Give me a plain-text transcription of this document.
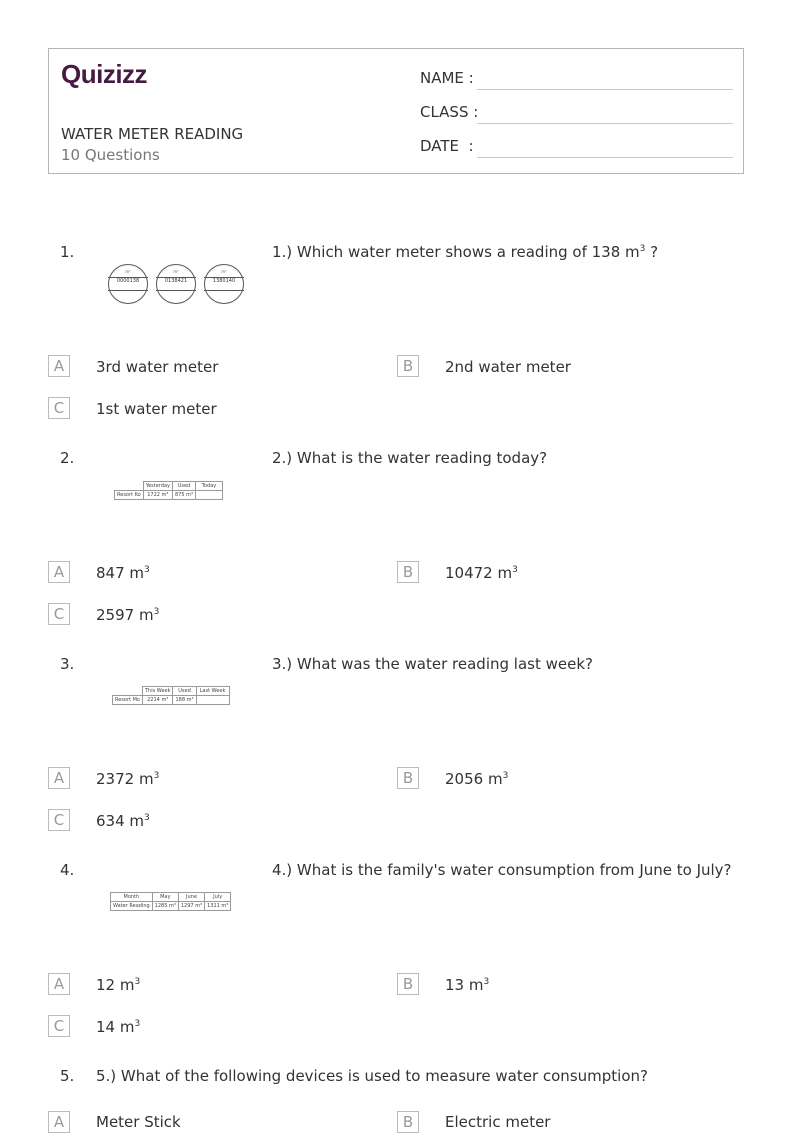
Quizizz
WATER METER READING
10 Questions
NAME :
CLASS :
DATE  :
1.
m³
0000138
m³
0138421
m³
1380140
1.) Which water meter shows a reading of 138 $m^3$ ?
A	3rd water meter	B	2nd water meter
C	1st water meter
2.
	Yesterday	Used	Today
Resort Ko	1722 m³	875 m³	
2.) What is the water reading today?
A	847 $m^3$	B	10472 $m^3$
C	2597 $m^3$
3.
	This Week	Used	Last Week
Resort Mo	2214 m³	188 m³	
3.) What was the water reading last week?
A	2372 $m^3$	B	2056 $m^3$
C	634 $m^3$
4.
Month	May	June	July
Water Reading	1285 m³	1297 m³	1311 m³
4.) What is the family's water consumption from June to July?
A	12 $m^3$	B	13 $m^3$
C	14 $m^3$
5. 5.) What of the following devices is used to measure water consumption?
A	Meter Stick	B	Electric meter
